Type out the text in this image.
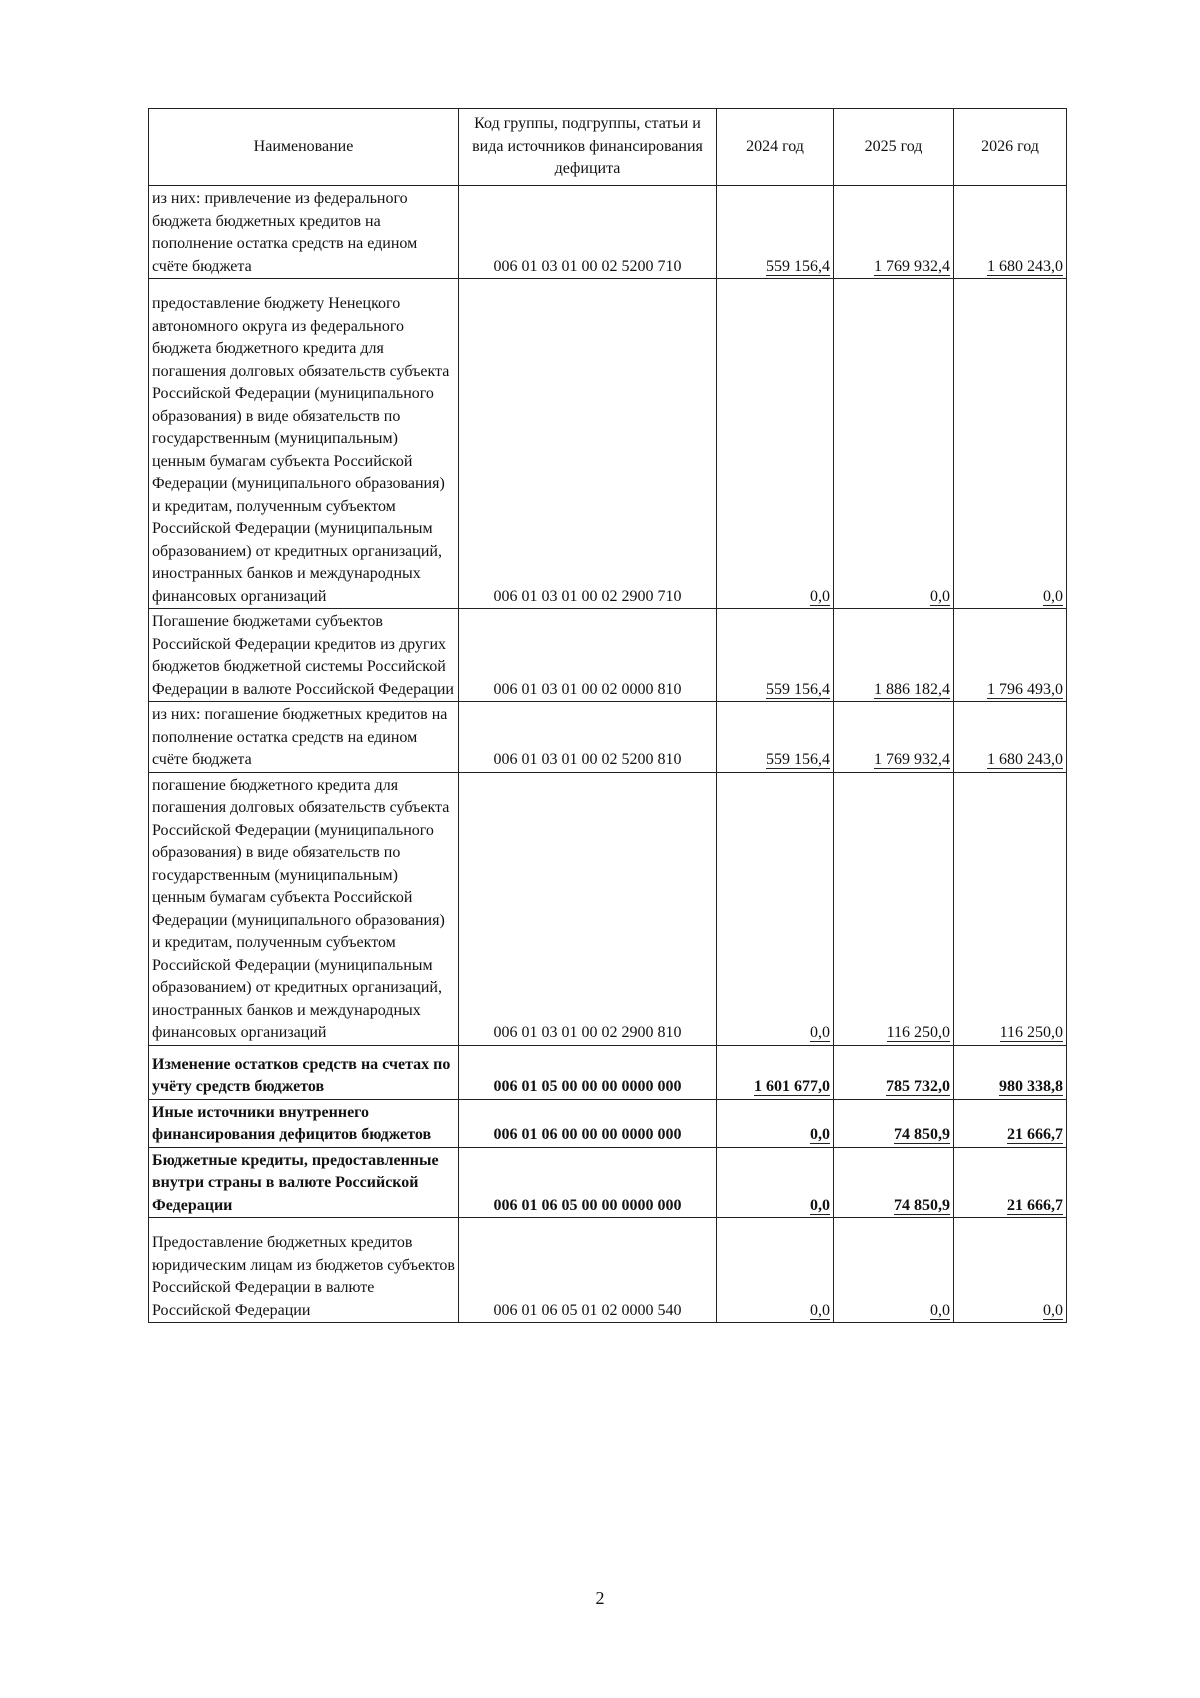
Наименование	Код группы, подгруппы, статьи и вида источников финансирования дефицита	2024 год	2025 год	2026 год
из них: привлечение из федерального бюджета бюджетных кредитов на пополнение остатка средств на едином счёте бюджета	006 01 03 01 00 02 5200 710	559 156,4	1 769 932,4	1 680 243,0
предоставление бюджету Ненецкого автономного округа из федерального бюджета бюджетного кредита для погашения долговых обязательств субъекта Российской Федерации (муниципального образования) в виде обязательств по государственным (муниципальным) ценным бумагам субъекта Российской Федерации (муниципального образования) и кредитам, полученным субъектом Российской Федерации (муниципальным образованием) от кредитных организаций, иностранных банков и международных финансовых организаций	006 01 03 01 00 02 2900 710	0,0	0,0	0,0
Погашение бюджетами субъектов Российской Федерации кредитов из других бюджетов бюджетной системы Российской Федерации в валюте Российской Федерации	006 01 03 01 00 02 0000 810	559 156,4	1 886 182,4	1 796 493,0
из них: погашение бюджетных кредитов на пополнение остатка средств на едином счёте бюджета	006 01 03 01 00 02 5200 810	559 156,4	1 769 932,4	1 680 243,0
погашение бюджетного кредита для погашения долговых обязательств субъекта Российской Федерации (муниципального образования) в виде обязательств по государственным (муниципальным) ценным бумагам субъекта Российской Федерации (муниципального образования) и кредитам, полученным субъектом Российской Федерации (муниципальным образованием) от кредитных организаций, иностранных банков и международных финансовых организаций	006 01 03 01 00 02 2900 810	0,0	116 250,0	116 250,0
Изменение остатков средств на счетах по учёту средств бюджетов	006 01 05 00 00 00 0000 000	1 601 677,0	785 732,0	980 338,8
Иные источники внутреннего финансирования дефицитов бюджетов	006 01 06 00 00 00 0000 000	0,0	74 850,9	21 666,7
Бюджетные кредиты, предоставленные внутри страны в валюте Российской Федерации	006 01 06 05 00 00 0000 000	0,0	74 850,9	21 666,7
Предоставление бюджетных кредитов юридическим лицам из бюджетов субъектов Российской Федерации в валюте Российской Федерации	006 01 06 05 01 02 0000 540	0,0	0,0	0,0
2
